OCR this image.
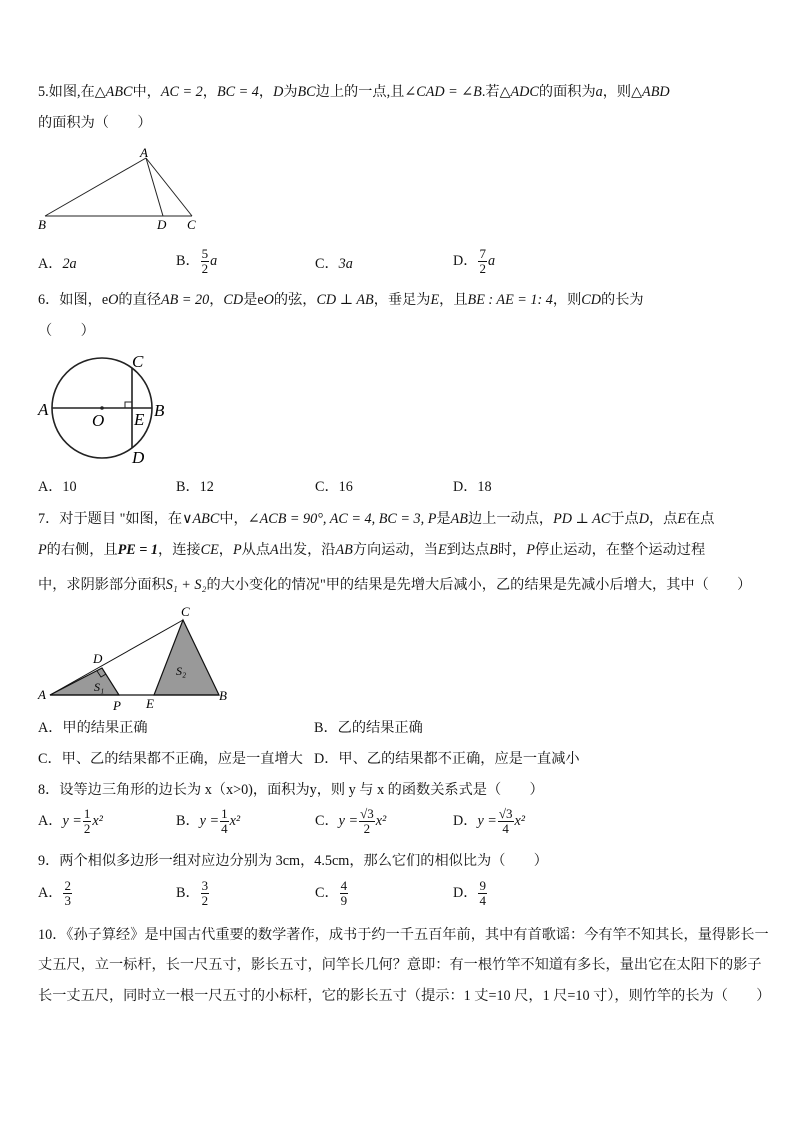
5.如图,在△ABC中，AC = 2，BC = 4，D为BC边上的一点,且∠CAD = ∠B.若△ADC的面积为a，则△ABD
的面积为（　　）
A
B	D C
A．2a	B． $\frac{5}{2}$ a	C．3a	D． $\frac{7}{2}$ a
6．如图，eO的直径AB = 20，CD是eO的弦，CD ⊥ AB，垂足为E，且BE : AE = 1: 4，则CD的长为
（　　）
A
O E B
C
D
A．10	B．12	C．16	D．18
7．对于题目 "如图，在∨ABC中，∠ACB = 90°, AC = 4, BC = 3, P是AB边上一动点，PD ⊥ AC于点D，点E在点
P的右侧，且PE = 1，连接CE，P从点A出发，沿AB方向运动，当E到达点B时，P停止运动，在整个运动过程
中，求阴影部分面积S₁ + S₂的大小变化的情况"甲的结果是先增大后减小，乙的结果是先减小后增大，其中（　　）
C
D
S₁
S₂
A
P E
B
A．甲的结果正确	B．乙的结果正确
C．甲、乙的结果都不正确，应是一直增大 D．甲、乙的结果都不正确，应是一直减小
8．设等边三角形的边长为 x（x>0)，面积为y，则 y 与 x 的函数关系式是（　　）
A．$y = \frac{1}{2} x^2$	B．$y = \frac{1}{4} x^2$	C．$y = \frac{√3}{2} x^2$	D．$y = \frac{√3}{4} x^2$
9．两个相似多边形一组对应边分别为 3cm，4.5cm，那么它们的相似比为（　　）
A． $\frac{2}{3}$	B． $\frac{3}{2}$	C． $\frac{4}{9}$	D． $\frac{9}{4}$
10．《孙子算经》是中国古代重要的数学著作，成书于约一千五百年前，其中有首歌谣：今有竿不知其长，量得影长一
丈五尺，立一标杆，长一尺五寸，影长五寸，问竿长几何？意即：有一根竹竿不知道有多长，量出它在太阳下的影子
长一丈五尺，同时立一根一尺五寸的小标杆，它的影长五寸（提示：1 丈=10 尺，1 尺=10 寸），则竹竿的长为（　　）
